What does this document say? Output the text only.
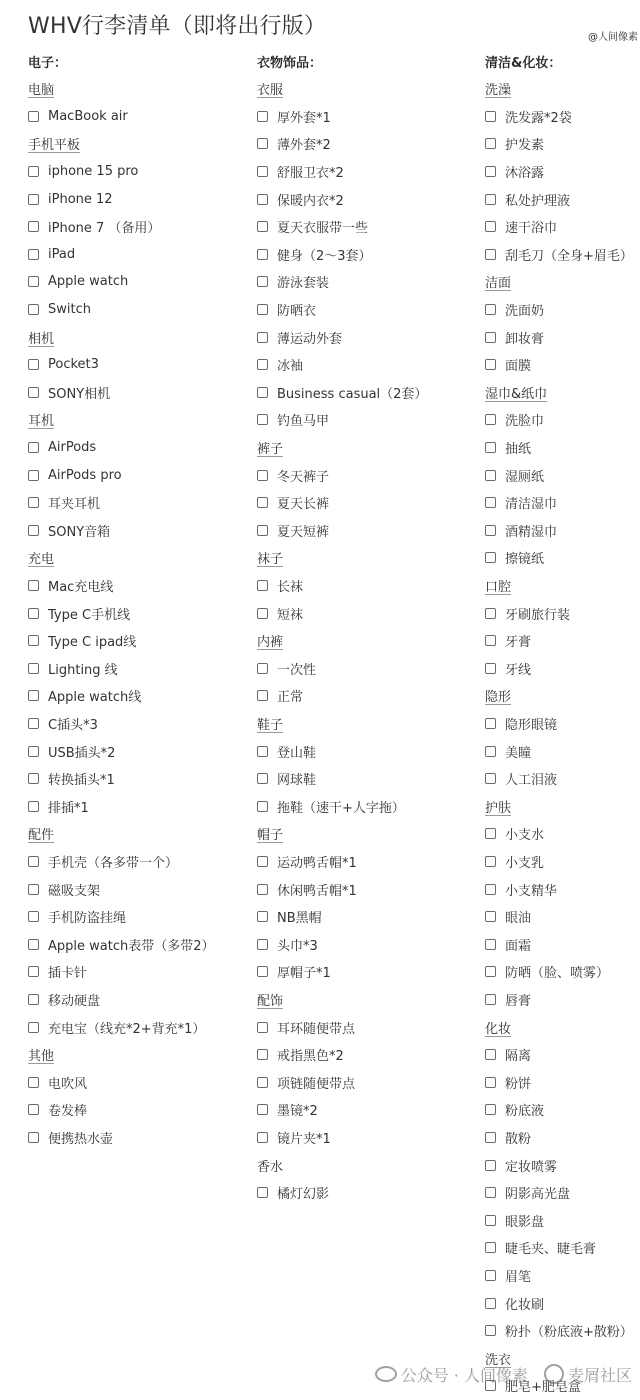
WHV行李清单（即将出行版）
电子：
电脑
MacBook air
手机平板
iphone 15 pro
iPhone 12
iPhone 7 （备用）
iPad
Apple watch
Switch
相机
Pocket3
SONY相机
耳机
AirPods
AirPods pro
耳夹耳机
SONY音箱
充电
Mac充电线
Type C手机线
Type C ipad线
Lighting 线
Apple watch线
C插头*3
USB插头*2
转换插头*1
排插*1
配件
手机壳（各多带一个）
磁吸支架
手机防盗挂绳
Apple watch表带（多带2）
插卡针
移动硬盘
充电宝（线充*2+背充*1）
其他
电吹风
卷发棒
便携热水壶
衣物饰品：
衣服
厚外套*1
薄外套*2
舒服卫衣*2
保暖内衣*2
夏天衣服带一些
健身（2～3套）
游泳套装
防晒衣
薄运动外套
冰袖
Business casual（2套）
钓鱼马甲
裤子
冬天裤子
夏天长裤
夏天短裤
袜子
长袜
短袜
内裤
一次性
正常
鞋子
登山鞋
网球鞋
拖鞋（速干+人字拖）
帽子
运动鸭舌帽*1
休闲鸭舌帽*1
NB黑帽
头巾*3
厚帽子*1
配饰
耳环随便带点
戒指黑色*2
项链随便带点
墨镜*2
镜片夹*1
香水
橘灯幻影
清洁&化妆：
洗澡
洗发露*2袋
护发素
沐浴露
私处护理液
速干浴巾
刮毛刀（全身+眉毛）
洁面
洗面奶
卸妆膏
面膜
湿巾&纸巾
洗脸巾
抽纸
湿厕纸
清洁湿巾
酒精湿巾
擦镜纸
口腔
牙刷旅行装
牙膏
牙线
隐形
隐形眼镜
美瞳
人工泪液
护肤
小支水
小支乳
小支精华
眼油
面霜
防晒（脸、喷雾）
唇膏
化妆
隔离
粉饼
粉底液
散粉
定妆喷雾
阴影高光盘
眼影盘
睫毛夹、睫毛膏
眉笔
化妆刷
粉扑（粉底液+散粉）
洗衣
肥皂+肥皂盒
公众号 · 人间像素	麦屑社区
@人间像素
